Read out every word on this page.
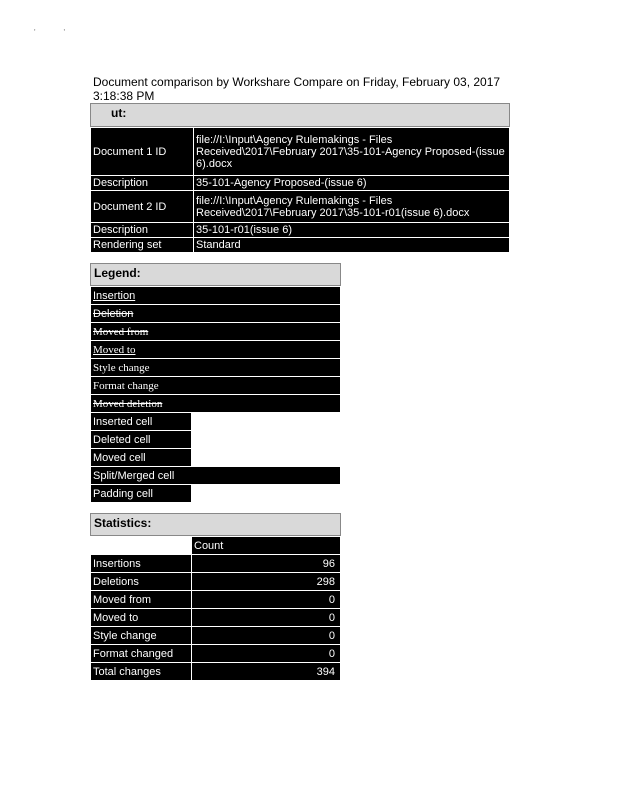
'	'
Document comparison by Workshare Compare on Friday, February 03, 2017
3:18:38 PM
ut:
Document 1 ID	file://I:\Input\Agency Rulemakings - Files Received\2017\February 2017\35-101-Agency Proposed-(issue 6).docx
Description	35-101-Agency Proposed-(issue 6)
Document 2 ID	file://I:\Input\Agency Rulemakings - Files Received\2017\February 2017\35-101-r01(issue 6).docx
Description	35-101-r01(issue 6)
Rendering set	Standard
Legend:
Insertion	
Deletion	
Moved from	
Moved to	
Style change	
Format change	
Moved deletion	
Inserted cell	
Deleted cell	
Moved cell	
Split/Merged cell	
Padding cell	
Statistics:
	Count
Insertions	96
Deletions	298
Moved from	0
Moved to	0
Style change	0
Format changed	0
Total changes	394
